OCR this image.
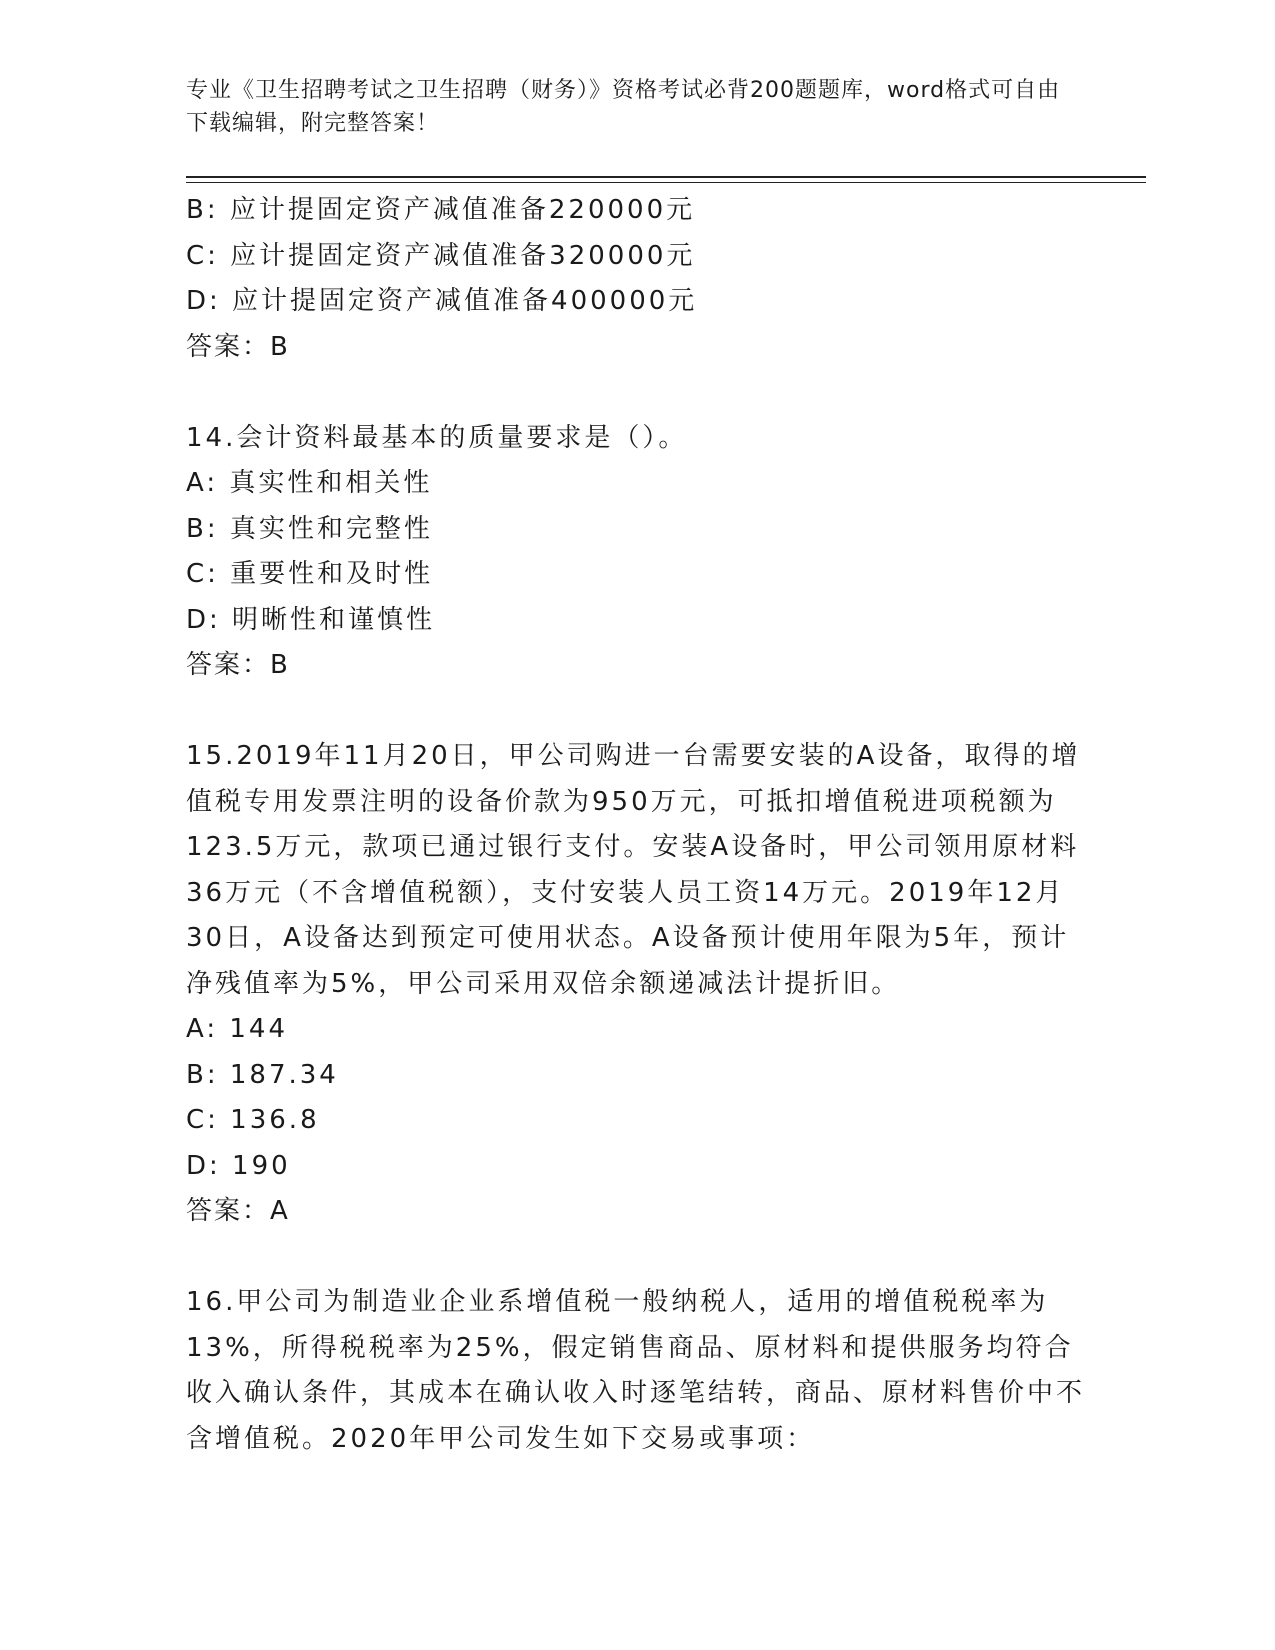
专业《卫生招聘考试之卫生招聘（财务）》资格考试必背200题题库，word格式可自由下载编辑，附完整答案！
B: 应计提固定资产减值准备220000元
C: 应计提固定资产减值准备320000元
D: 应计提固定资产减值准备400000元
答案：B
14.会计资料最基本的质量要求是（）。
A: 真实性和相关性
B: 真实性和完整性
C: 重要性和及时性
D: 明晰性和谨慎性
答案：B

15.2019年11月20日，甲公司购进一台需要安装的A设备，取得的增值税专用发票注明的设备价款为950万元，可抵扣增值税进项税额为123.5万元，款项已通过银行支付。安装A设备时，甲公司领用原材料36万元（不含增值税额），支付安装人员工资14万元。2019年12月30日，A设备达到预定可使用状态。A设备预计使用年限为5年，预计净残值率为5%，甲公司采用双倍余额递减法计提折旧。

A: 144
B: 187.34
C: 136.8
D: 190
答案：A

16.甲公司为制造业企业系增值税一般纳税人，适用的增值税税率为13%，所得税税率为25%，假定销售商品、原材料和提供服务均符合收入确认条件，其成本在确认收入时逐笔结转，商品、原材料售价中不含增值税。2020年甲公司发生如下交易或事项：
